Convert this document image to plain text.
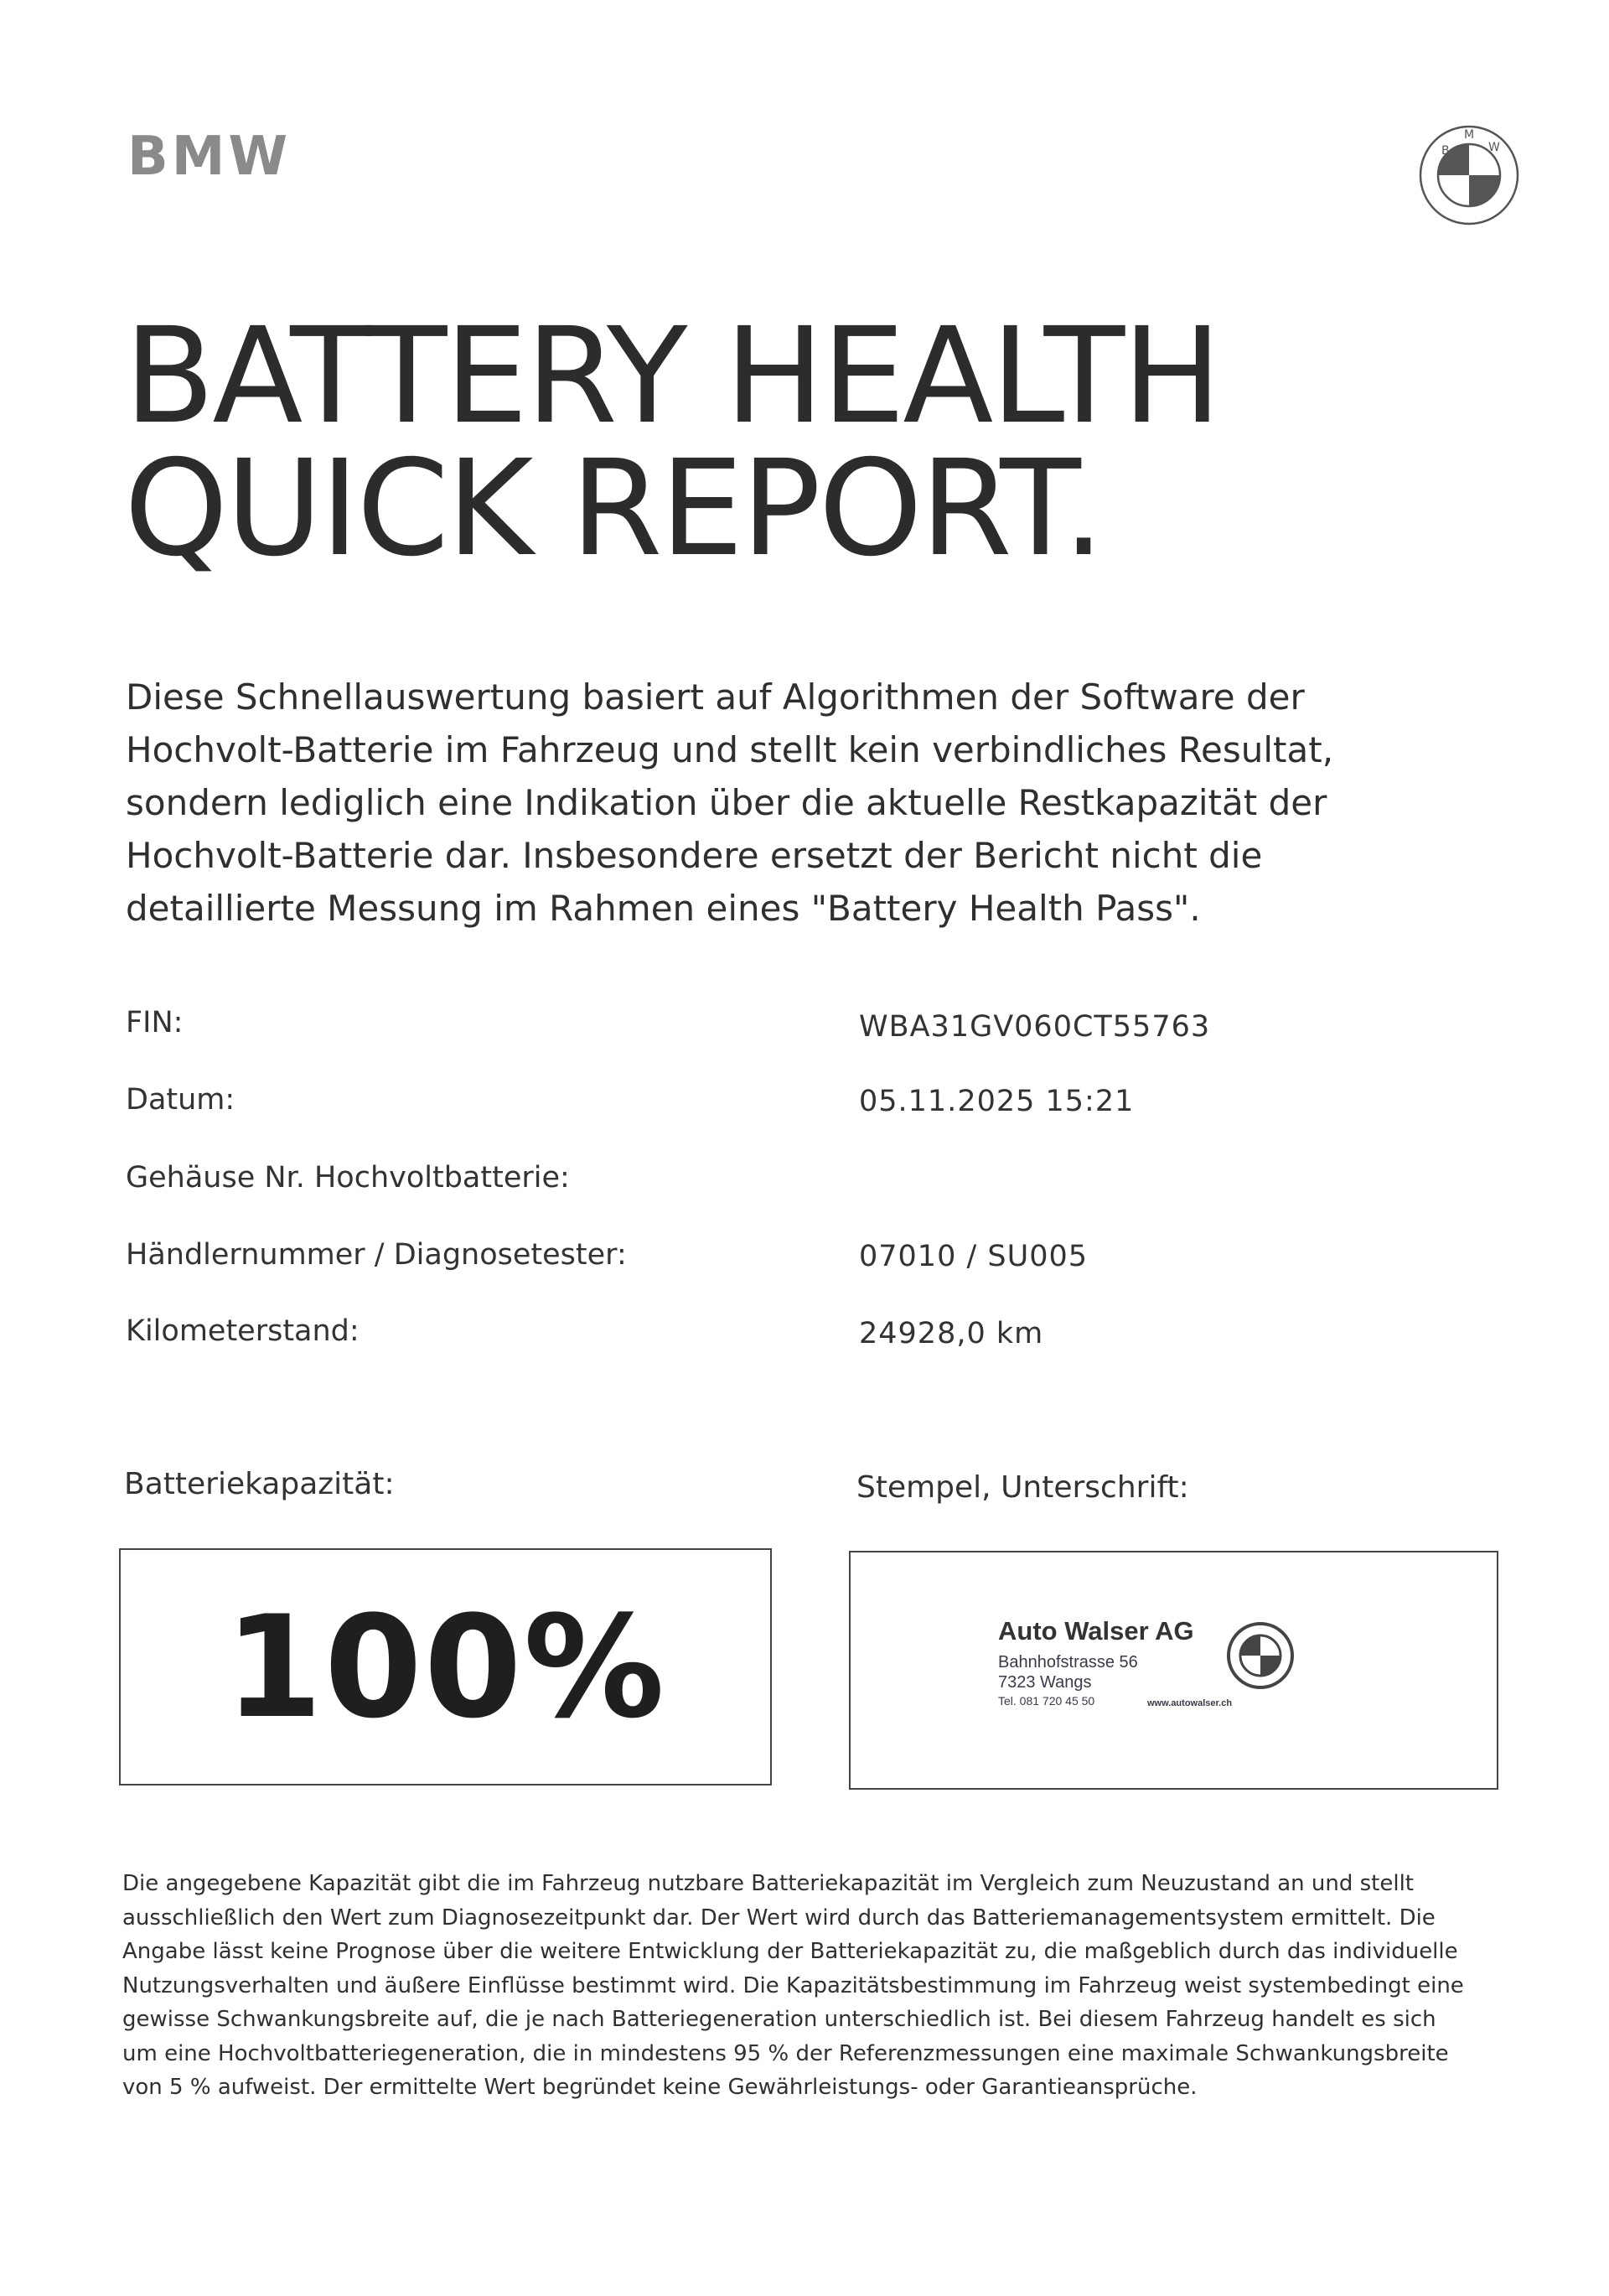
BMW	B
M
W
BATTERY HEALTH
QUICK REPORT.
Diese Schnellauswertung basiert auf Algorithmen der Software der
Hochvolt-Batterie im Fahrzeug und stellt kein verbindliches Resultat,
sondern lediglich eine Indikation über die aktuelle Restkapazität der
Hochvolt-Batterie dar. Insbesondere ersetzt der Bericht nicht die
detaillierte Messung im Rahmen eines "Battery Health Pass".
FIN:	WBA31GV060CT55763
Datum:	05.11.2025 15:21
Gehäuse Nr. Hochvoltbatterie:
Händlernummer / Diagnosetester:	07010 / SU005
Kilometerstand:	24928,0 km
Batteriekapazität:
100%
Stempel, Unterschrift:
Auto Walser AG
Bahnhofstrasse 56
7323 Wangs
Tel. 081 720 45 50	www.autowalser.ch
Die angegebene Kapazität gibt die im Fahrzeug nutzbare Batteriekapazität im Vergleich zum Neuzustand an und stellt
ausschließlich den Wert zum Diagnosezeitpunkt dar. Der Wert wird durch das Batteriemanagementsystem ermittelt. Die
Angabe lässt keine Prognose über die weitere Entwicklung der Batteriekapazität zu, die maßgeblich durch das individuelle
Nutzungsverhalten und äußere Einflüsse bestimmt wird. Die Kapazitätsbestimmung im Fahrzeug weist systembedingt eine
gewisse Schwankungsbreite auf, die je nach Batteriegeneration unterschiedlich ist. Bei diesem Fahrzeug handelt es sich
um eine Hochvoltbatteriegeneration, die in mindestens 95 % der Referenzmessungen eine maximale Schwankungsbreite
von 5 % aufweist. Der ermittelte Wert begründet keine Gewährleistungs- oder Garantieansprüche.
